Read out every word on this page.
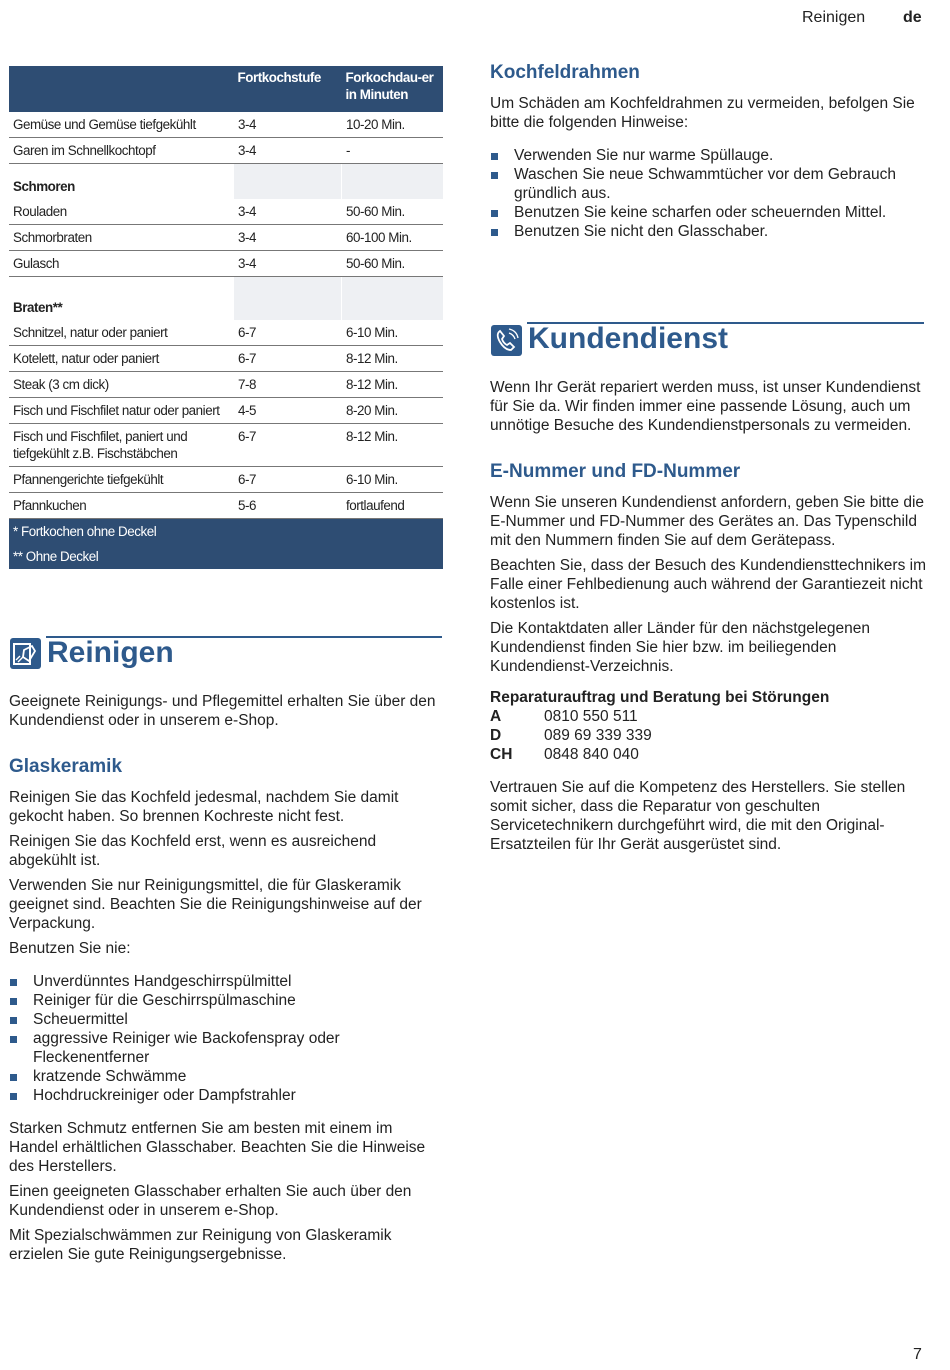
Reinigen de
	Fortkochstufe	Forkochdau-er in Minuten
Gemüse und Gemüse tiefgekühlt	3-4	10-20 Min.
Garen im Schnellkochtopf	3-4	-
Schmoren		
Rouladen	3-4	50-60 Min.
Schmorbraten	3-4	60-100 Min.
Gulasch	3-4	50-60 Min.
Braten**		
Schnitzel, natur oder paniert	6-7	6-10 Min.
Kotelett, natur oder paniert	6-7	8-12 Min.
Steak (3 cm dick)	7-8	8-12 Min.
Fisch und Fischfilet natur oder paniert	4-5	8-20 Min.
Fisch und Fischfilet, paniert und tiefgekühlt z.B. Fischstäbchen	6-7	8-12 Min.
Pfannengerichte tiefgekühlt	6-7	6-10 Min.
Pfannkuchen	5-6	fortlaufend
* Fortkochen ohne Deckel		
** Ohne Deckel		
Reinigen

Geeignete Reinigungs- und Pflegemittel erhalten Sie über den Kundendienst oder in unserem e-Shop.

Glaskeramik

Reinigen Sie das Kochfeld jedesmal, nachdem Sie damit gekocht haben. So brennen Kochreste nicht fest.

Reinigen Sie das Kochfeld erst, wenn es ausreichend abgekühlt ist.

Verwenden Sie nur Reinigungsmittel, die für Glaskeramik geeignet sind. Beachten Sie die Reinigungshinweise auf der Verpackung.

Benutzen Sie nie:

Unverdünntes Handgeschirrspülmittel
Reiniger für die Geschirrspülmaschine
Scheuermittel
aggressive Reiniger wie Backofenspray oder Fleckenentferner
kratzende Schwämme
Hochdruckreiniger oder Dampfstrahler

Starken Schmutz entfernen Sie am besten mit einem im Handel erhältlichen Glasschaber. Beachten Sie die Hinweise des Herstellers.

Einen geeigneten Glasschaber erhalten Sie auch über den Kundendienst oder in unserem e-Shop.

Mit Spezialschwämmen zur Reinigung von Glaskeramik erzielen Sie gute Reinigungsergebnisse.

Kochfeldrahmen

Um Schäden am Kochfeldrahmen zu vermeiden, befolgen Sie bitte die folgenden Hinweise:

Verwenden Sie nur warme Spüllauge.
Waschen Sie neue Schwammtücher vor dem Gebrauch gründlich aus.
Benutzen Sie keine scharfen oder scheuernden Mittel.
Benutzen Sie nicht den Glasschaber.
Kundendienst

Wenn Ihr Gerät repariert werden muss, ist unser Kundendienst für Sie da. Wir finden immer eine passende Lösung, auch um unnötige Besuche des Kundendienstpersonals zu vermeiden.

E-Nummer und FD-Nummer

Wenn Sie unseren Kundendienst anfordern, geben Sie bitte die E-Nummer und FD-Nummer des Gerätes an. Das Typenschild mit den Nummern finden Sie auf dem Gerätepass.

Beachten Sie, dass der Besuch des Kundendiensttechnikers im Falle einer Fehlbedienung auch während der Garantiezeit nicht kostenlos ist.

Die Kontaktdaten aller Länder für den nächstgelegenen Kundendienst finden Sie hier bzw. im beiliegenden Kundendienst-Verzeichnis.

Reparaturauftrag und Beratung bei Störungen
A	0810 550 511
D	089 69 339 339
CH	0848 840 040

Vertrauen Sie auf die Kompetenz des Herstellers. Sie stellen somit sicher, dass die Reparatur von geschulten Servicetechnikern durchgeführt wird, die mit den Original-Ersatzteilen für Ihr Gerät ausgerüstet sind.

7
